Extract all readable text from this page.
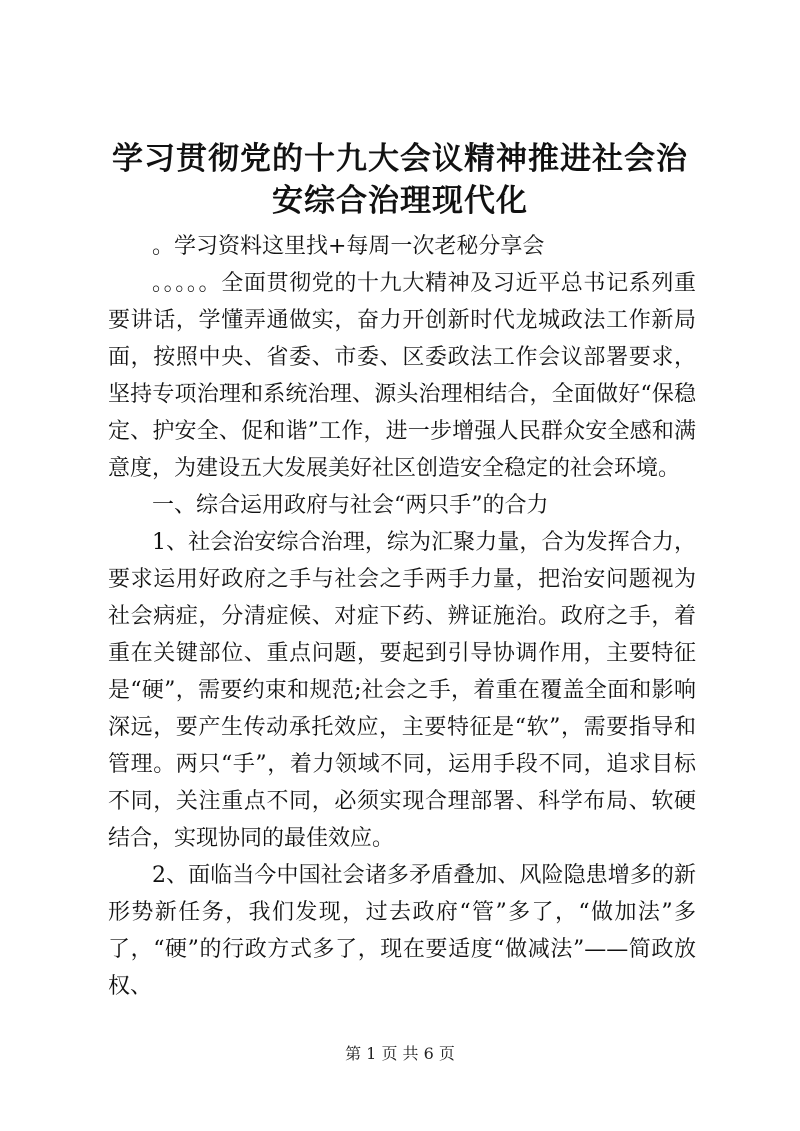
学习贯彻党的十九大会议精神推进社会治安综合治理现代化

。学习资料这里找+每周一次老秘分享会

。。。。。全面贯彻党的十九大精神及习近平总书记系列重要讲话，学懂弄通做实，奋力开创新时代龙城政法工作新局面，按照中央、省委、市委、区委政法工作会议部署要求，坚持专项治理和系统治理、源头治理相结合，全面做好“保稳定、护安全、促和谐”工作，进一步增强人民群众安全感和满意度，为建设五大发展美好社区创造安全稳定的社会环境。

一、综合运用政府与社会“两只手”的合力

1、社会治安综合治理，综为汇聚力量，合为发挥合力，要求运用好政府之手与社会之手两手力量，把治安问题视为社会病症，分清症候、对症下药、辨证施治。政府之手，着重在关键部位、重点问题，要起到引导协调作用，主要特征是“硬”，需要约束和规范;社会之手，着重在覆盖全面和影响深远，要产生传动承托效应，主要特征是“软”，需要指导和管理。两只“手”，着力领域不同，运用手段不同，追求目标不同，关注重点不同，必须实现合理部署、科学布局、软硬结合，实现协同的最佳效应。

2、面临当今中国社会诸多矛盾叠加、风险隐患增多的新形势新任务，我们发现，过去政府“管”多了，“做加法”多了，“硬”的行政方式多了，现在要适度“做减法”——简政放权、

第 1 页 共 6 页
